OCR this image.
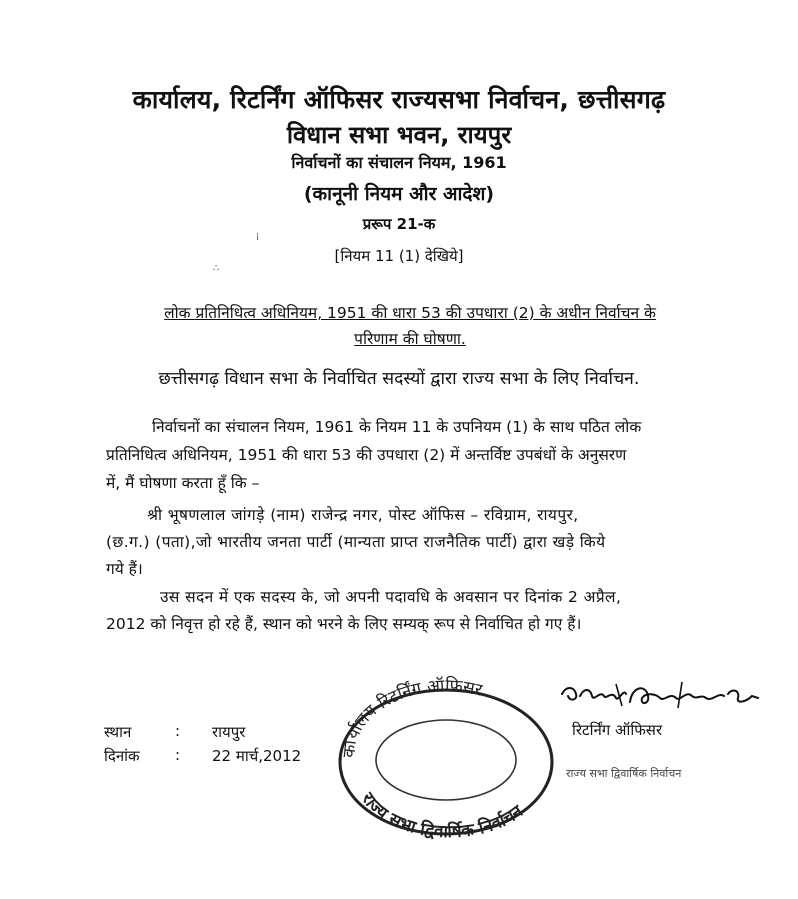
कार्यालय, रिटर्निंग ऑफिसर राज्यसभा निर्वाचन, छत्तीसगढ़
विधान सभा भवन, रायपुर
निर्वाचनों का संचालन नियम, 1961
(कानूनी नियम और आदेश)
प्ररूप 21-क
[नियम 11 (1) देखिये]
⁞
∴
लोक प्रतिनिधित्व अधिनियम, 1951 की धारा 53 की उपधारा (2) के अधीन निर्वाचन के
परिणाम की घोषणा.
छत्तीसगढ़ विधान सभा के निर्वाचित सदस्यों द्वारा राज्य सभा के लिए निर्वाचन.
निर्वाचनों का संचालन नियम, 1961 के नियम 11 के उपनियम (1) के साथ पठित लोक
प्रतिनिधित्व अधिनियम, 1951 की धारा 53 की उपधारा (2) में अन्तर्विष्ट उपबंधों के अनुसरण
में, मैं घोषणा करता हूँ कि –
श्री भूषणलाल जांगड़े (नाम) राजेन्द्र नगर, पोस्ट ऑफिस – रविग्राम, रायपुर,
(छ.ग.) (पता),जो भारतीय जनता पार्टी (मान्यता प्राप्त राजनैतिक पार्टी) द्वारा खड़े किये
गये हैं।
उस सदन में एक सदस्य के, जो अपनी पदावधि के अवसान पर दिनांक 2 अप्रैल,
2012 को निवृत्त हो रहे हैं, स्थान को भरने के लिए सम्यक् रूप से निर्वाचित हो गए हैं।
कार्यालय रिटर्निंग ऑफिसर
राज्य सभा द्विवार्षिक निर्वाचन
रिटर्निंग ऑफिसर
राज्य सभा द्विवार्षिक निर्वाचन
स्थान	: रायपुर
दिनांक : 22 मार्च,2012
